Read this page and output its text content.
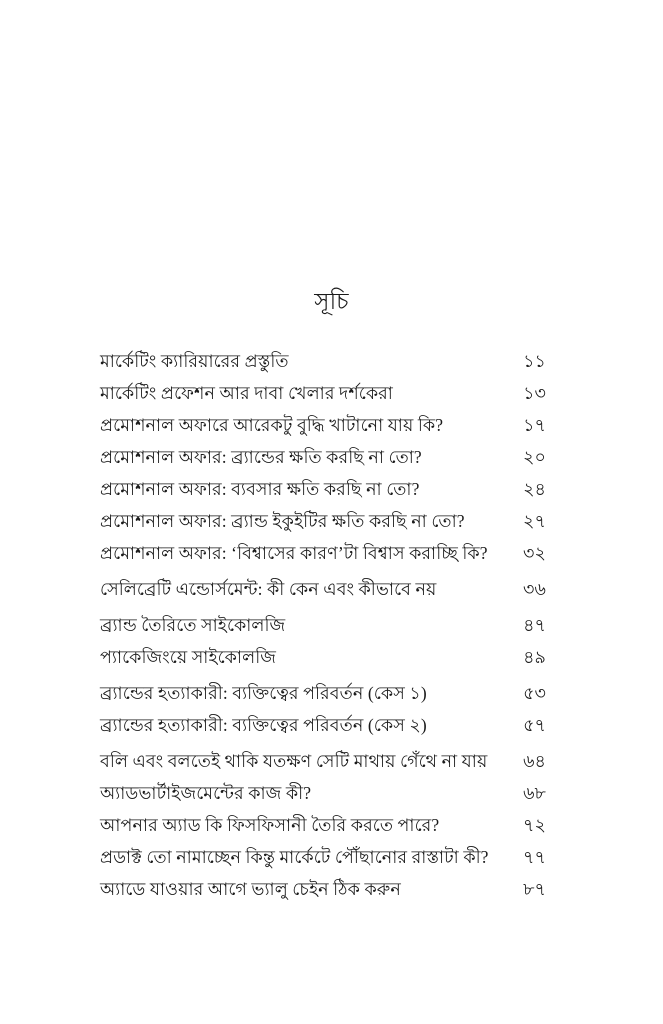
সূচি
মার্কেটিং ক্যারিয়ারের প্রস্তুতি	১১
মার্কেটিং প্রফেশন আর দাবা খেলার দর্শকেরা	১৩
প্রমোশনাল অফারে আরেকটু বুদ্ধি খাটানো যায় কি?	১৭
প্রমোশনাল অফার: ব্র্যান্ডের ক্ষতি করছি না তো?	২০
প্রমোশনাল অফার: ব্যবসার ক্ষতি করছি না তো?	২৪
প্রমোশনাল অফার: ব্র্যান্ড ইকুইটির ক্ষতি করছি না তো?	২৭
প্রমোশনাল অফার: ‘বিশ্বাসের কারণ’টা বিশ্বাস করাচ্ছি কি?	৩২
সেলিব্রেটি এন্ডোর্সমেন্ট: কী কেন এবং কীভাবে নয়	৩৬
ব্র্যান্ড তৈরিতে সাইকোলজি	৪৭
প্যাকেজিংয়ে সাইকোলজি	৪৯
ব্র্যান্ডের হত্যাকারী: ব্যক্তিত্বের পরিবর্তন (কেস ১)	৫৩
ব্র্যান্ডের হত্যাকারী: ব্যক্তিত্বের পরিবর্তন (কেস ২)	৫৭
বলি এবং বলতেই থাকি যতক্ষণ সেটি মাথায় গেঁথে না যায়	৬৪
অ্যাডভার্টাইজমেন্টের কাজ কী?	৬৮
আপনার অ্যাড কি ফিসফিসানী তৈরি করতে পারে?	৭২
প্রডাক্ট তো নামাচ্ছেন কিন্তু মার্কেটে পৌঁছানোর রাস্তাটা কী?	৭৭
অ্যাডে যাওয়ার আগে ভ্যালু চেইন ঠিক করুন	৮৭
